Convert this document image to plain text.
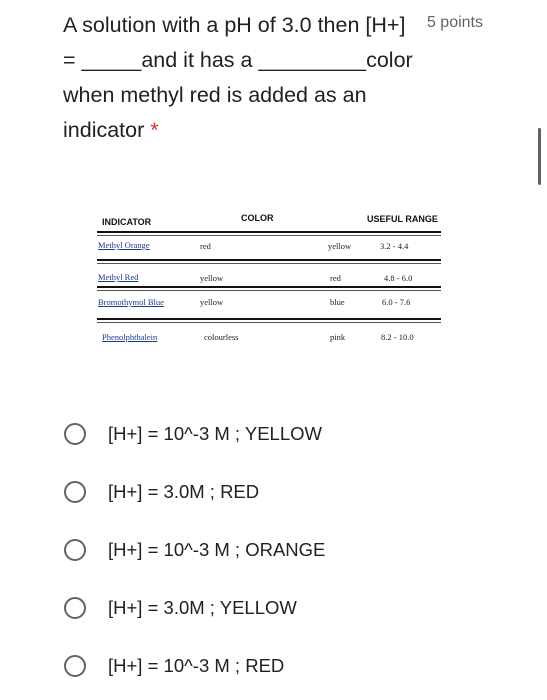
A solution with a pH of 3.0 then [H+] = _____and it has a _________color when methyl red is added as an indicator *
5 points
INDICATOR	COLOR	USEFUL RANGE
Methyl Orange	red	yellow	3.2 - 4.4
Methyl Red	yellow	red	4.8 - 6.0
Bromothymol Blue	yellow	blue	6.0 - 7.6
Phenolphthalein	colourless	pink	8.2 - 10.0
[H+] = 10^-3 M ; YELLOW
[H+] = 3.0M ; RED
[H+] = 10^-3 M ; ORANGE
[H+] = 3.0M ; YELLOW
[H+] = 10^-3 M ; RED
